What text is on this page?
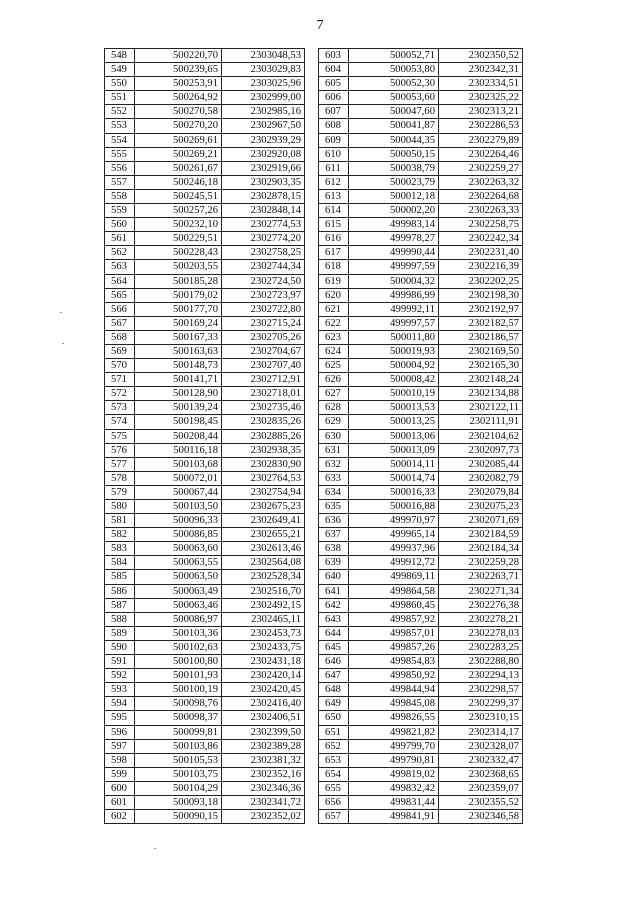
7
548	500220,70	2303048,53
549	500239,65	2303029,83
550	500253,91	2303025,96
551	500264,92	2302999,00
552	500270,58	2302985,16
553	500270,20	2302967,50
554	500269,61	2302939,29
555	500269,21	2302920,08
556	500261,67	2302919,66
557	500246,18	2302903,35
558	500245,51	2302878,15
559	500257,26	2302848,14
560	500232,10	2302774,53
561	500229,51	2302774,20
562	500228,43	2302758,25
563	500203,55	2302744,34
564	500185,28	2302724,50
565	500179,02	2302723,97
566	500177,70	2302722,80
567	500169,24	2302715,24
568	500167,33	2302705,26
569	500163,63	2302704,67
570	500148,73	2302707,40
571	500141,71	2302712,91
572	500128,90	2302718,01
573	500139,24	2302735,46
574	500198,45	2302835,26
575	500208,44	2302885,26
576	500116,18	2302938,35
577	500103,68	2302830,90
578	500072,01	2302764,53
579	500067,44	2302754,94
580	500103,50	2302675,23
581	500096,33	2302649,41
582	500086,85	2302655,21
583	500063,60	2302613,46
584	500063,55	2302564,08
585	500063,50	2302528,34
586	500063,49	2302516,70
587	500063,46	2302492,15
588	500086,97	2302465,11
589	500103,36	2302453,73
590	500102,63	2302433,75
591	500100,80	2302431,18
592	500101,93	2302420,14
593	500100,19	2302420,45
594	500098,76	2302416,40
595	500098,37	2302406,51
596	500099,81	2302399,50
597	500103,86	2302389,28
598	500105,53	2302381,32
599	500103,75	2302352,16
600	500104,29	2302346,36
601	500093,18	2302341,72
602	500090,15	2302352,02
603	500052,71	2302350,52
604	500053,80	2302342,31
605	500052,30	2302334,51
606	500053,60	2302325,22
607	500047,60	2302313,21
608	500041,87	2302286,53
609	500044,35	2302279,89
610	500050,15	2302264,46
611	500038,79	2302259,27
612	500023,79	2302263,32
613	500012,18	2302264,68
614	500002,20	2302263,33
615	499983,14	2302258,75
616	499978,27	2302242,34
617	499990,44	2302231,40
618	499997,59	2302216,39
619	500004,32	2302202,25
620	499986,99	2302198,30
621	499992,11	2302192,97
622	499997,57	2302182,57
623	500011,80	2302186,57
624	500019,93	2302169,50
625	500004,92	2302165,30
626	500008,42	2302148,24
627	500010,19	2302134,88
628	500013,53	2302122,11
629	500013,25	2302111,91
630	500013,06	2302104,62
631	500013,09	2302097,73
632	500014,11	2302085,44
633	500014,74	2302082,79
634	500016,33	2302079,84
635	500016,88	2302075,23
636	499970,97	2302071,69
637	499965,14	2302184,59
638	499937,96	2302184,34
639	499912,72	2302259,28
640	499869,11	2302263,71
641	499864,58	2302271,34
642	499860,45	2302276,38
643	499857,92	2302278,21
644	499857,01	2302278,03
645	499857,26	2302283,25
646	499854,83	2302288,80
647	499850,92	2302294,13
648	499844,94	2302298,57
649	499845,08	2302299,37
650	499826,55	2302310,15
651	499821,82	2302314,17
652	499799,70	2302328,07
653	499790,81	2302332,47
654	499819,02	2302368,65
655	499832,42	2302359,07
656	499831,44	2302355,52
657	499841,91	2302346,58
